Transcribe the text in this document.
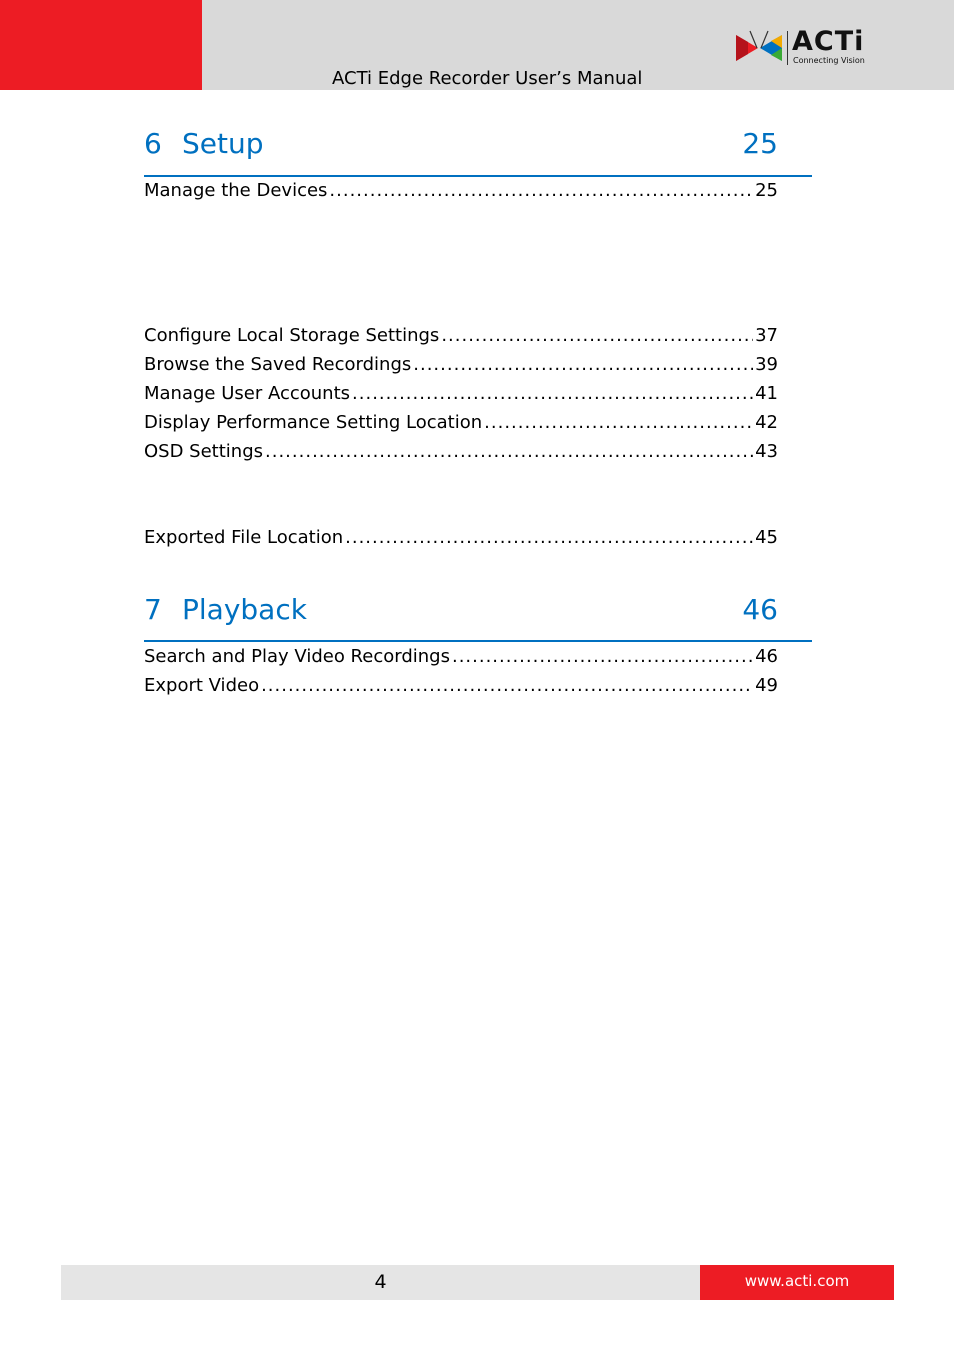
ACTi Edge Recorder User’s Manual
ACTi
Connecting Vision
6 Setup	25
Manage the Devices .....	25
Configure Local Storage Settings .....	37
Browse the Saved Recordings .....	39
Manage User Accounts .....	41
Display Performance Setting Location .....	42
OSD Settings .....	43
Exported File Location .....	45
7 Playback	46
Search and Play Video Recordings .....	46
Export Video .....	49
4	www.acti.com
